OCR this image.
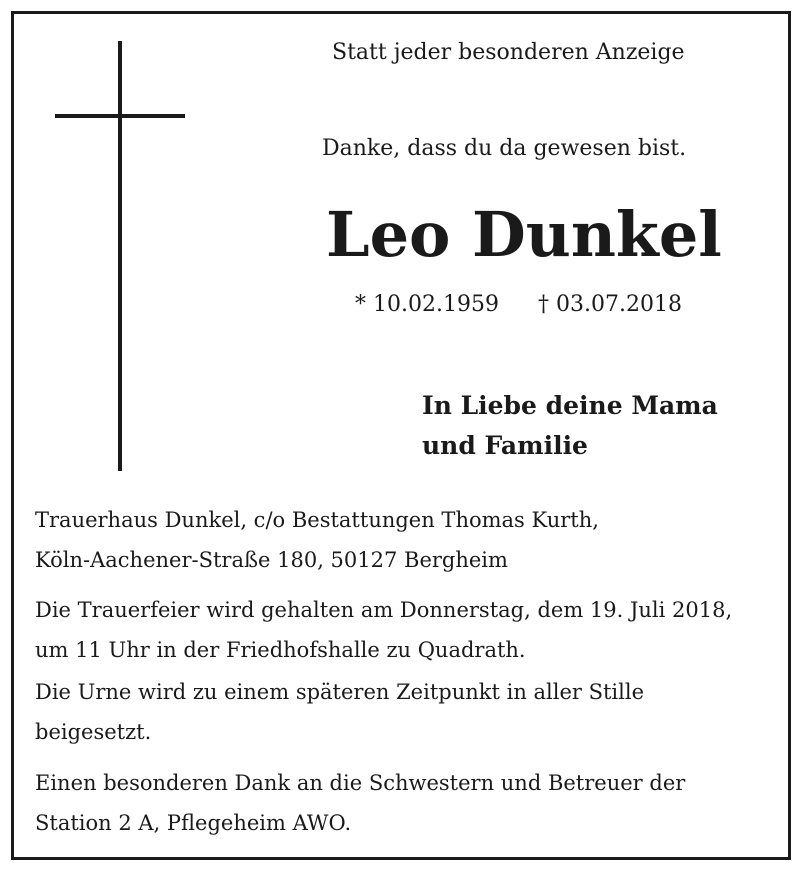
Statt jeder besonderen Anzeige
Danke, dass du da gewesen bist.
Leo Dunkel
* 10.02.1959 † 03.07.2018
In Liebe deine Mama
und Familie
Trauerhaus Dunkel, c/o Bestattungen Thomas Kurth,
Köln-Aachener-Straße 180, 50127 Bergheim
Die Trauerfeier wird gehalten am Donnerstag, dem 19. Juli 2018,
um 11 Uhr in der Friedhofshalle zu Quadrath.
Die Urne wird zu einem späteren Zeitpunkt in aller Stille
beigesetzt.
Einen besonderen Dank an die Schwestern und Betreuer der
Station 2 A, Pflegeheim AWO.
